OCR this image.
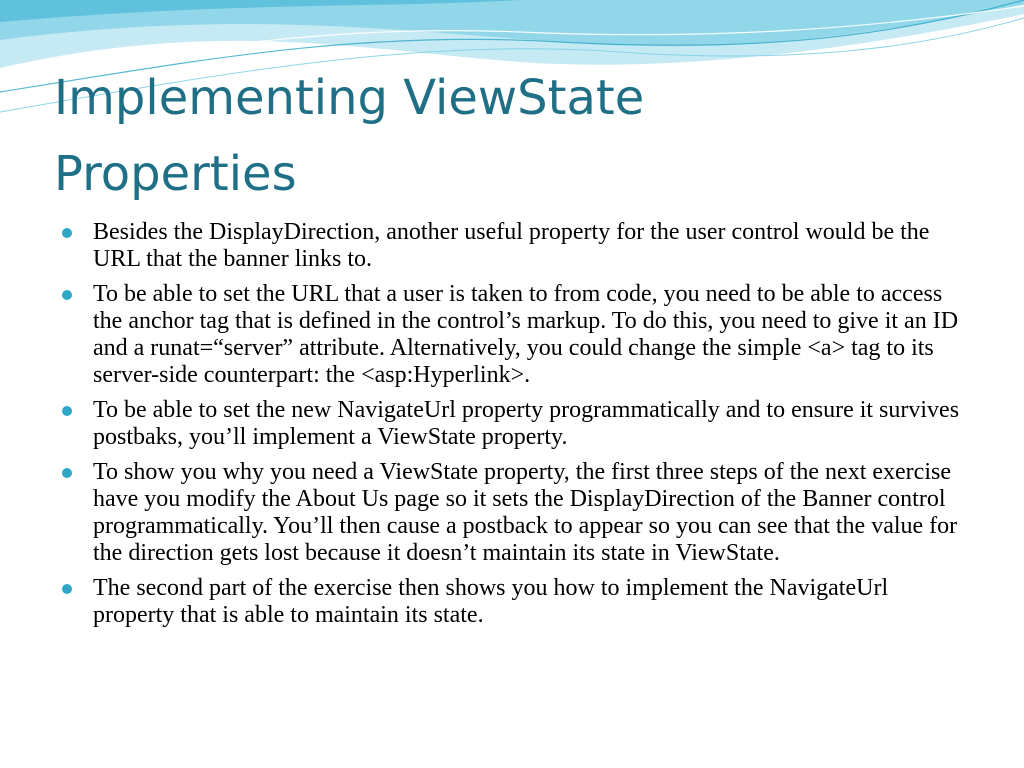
Implementing ViewState
Properties
Besides the DisplayDirection, another useful property for the user control would be the URL that the banner links to.
To be able to set the URL that a user is taken to from code, you need to be able to access the anchor tag that is defined in the control’s markup. To do this, you need to give it an ID and a runat=“server” attribute. Alternatively, you could change the simple <a> tag to its server-side counterpart: the <asp:Hyperlink>.
To be able to set the new NavigateUrl property programmatically and to ensure it survives postbaks, you’ll implement a ViewState property.
To show you why you need a ViewState property, the first three steps of the next exercise have you modify the About Us page so it sets the DisplayDirection of the Banner control programmatically. You’ll then cause a postback to appear so you can see that the value for the direction gets lost because it doesn’t maintain its state in ViewState.
The second part of the exercise then shows you how to implement the NavigateUrl property that is able to maintain its state.
